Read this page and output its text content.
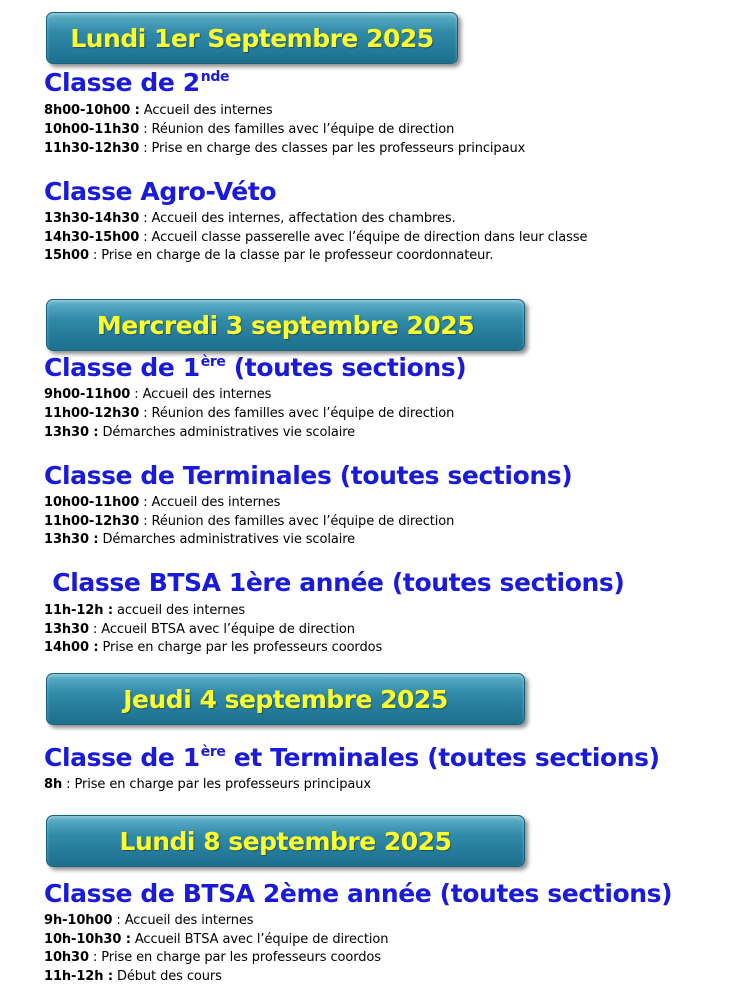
Lundi 1er Septembre 2025
Mercredi 3 septembre 2025
Jeudi 4 septembre 2025
Lundi 8 septembre 2025
Classe de 2nde
8h00-10h00 : Accueil des internes
10h00-11h30 : Réunion des familles avec l’équipe de direction
11h30-12h30 : Prise en charge des classes par les professeurs principaux
Classe Agro-Véto
13h30-14h30 : Accueil des internes, affectation des chambres.
14h30-15h00 : Accueil classe passerelle avec l’équipe de direction dans leur classe
15h00 : Prise en charge de la classe par le professeur coordonnateur.
Classe de 1ère (toutes sections)
9h00-11h00 : Accueil des internes
11h00-12h30 : Réunion des familles avec l’équipe de direction
13h30 : Démarches administratives vie scolaire
Classe de Terminales (toutes sections)
10h00-11h00 : Accueil des internes
11h00-12h30 : Réunion des familles avec l’équipe de direction
13h30 : Démarches administratives vie scolaire
Classe BTSA 1ère année (toutes sections)
11h-12h : accueil des internes
13h30 : Accueil BTSA avec l’équipe de direction
14h00 : Prise en charge par les professeurs coordos
Classe de 1ère et Terminales (toutes sections)
8h : Prise en charge par les professeurs principaux
Classe de BTSA 2ème année (toutes sections)
9h-10h00 : Accueil des internes
10h-10h30 : Accueil BTSA avec l’équipe de direction
10h30 : Prise en charge par les professeurs coordos
11h-12h : Début des cours
